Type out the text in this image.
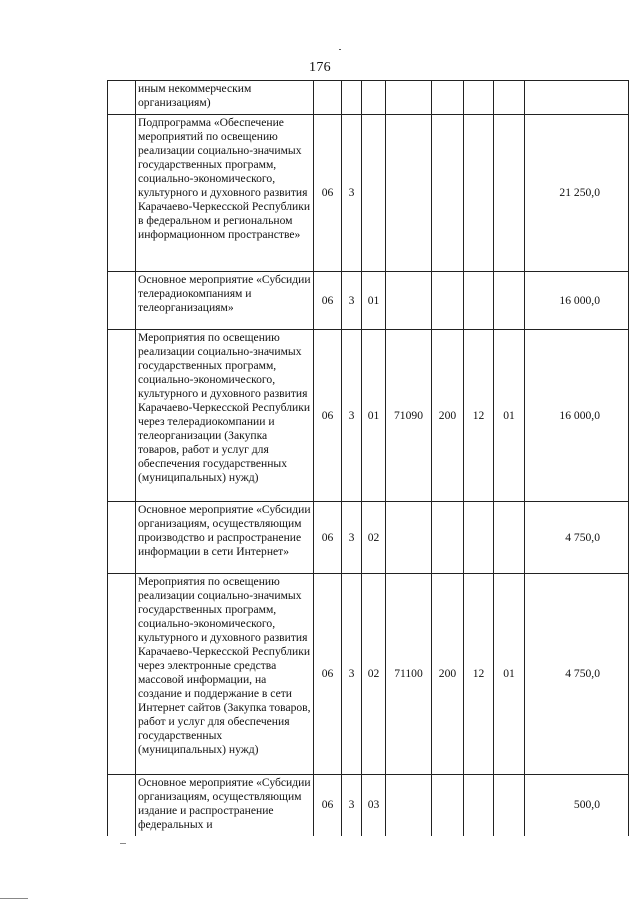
176
	иным некоммерческим организациям)								
	Подпрограмма «Обеспечение мероприятий по освещению реализации социально-значимых государственных программ, социально-экономического, культурного и духовного развития Карачаево-Черкесской Республики в федеральном и региональном информационном пространстве»	06	3						21 250,0
	Основное мероприятие «Субсидии телерадиокомпаниям и телеорганизациям»	06	3	01					16 000,0
	Мероприятия по освещению реализации социально-значимых государственных программ, социально-экономического, культурного и духовного развития Карачаево-Черкесской Республики через телерадиокомпании и телеорганизации (Закупка товаров, работ и услуг для обеспечения государственных (муниципальных) нужд)	06	3	01	71090	200	12	01	16 000,0
	Основное мероприятие «Субсидии организациям, осуществляющим производство и распространение информации в сети Интернет»	06	3	02					4 750,0
	Мероприятия по освещению реализации социально-значимых государственных программ, социально-экономического, культурного и духовного развития Карачаево-Черкесской Республики через электронные средства массовой информации, на создание и поддержание в сети Интернет сайтов (Закупка товаров, работ и услуг для обеспечения государственных (муниципальных) нужд)	06	3	02	71100	200	12	01	4 750,0
	Основное мероприятие «Субсидии организациям, осуществляющим издание и распространение федеральных и	06	3	03					500,0
